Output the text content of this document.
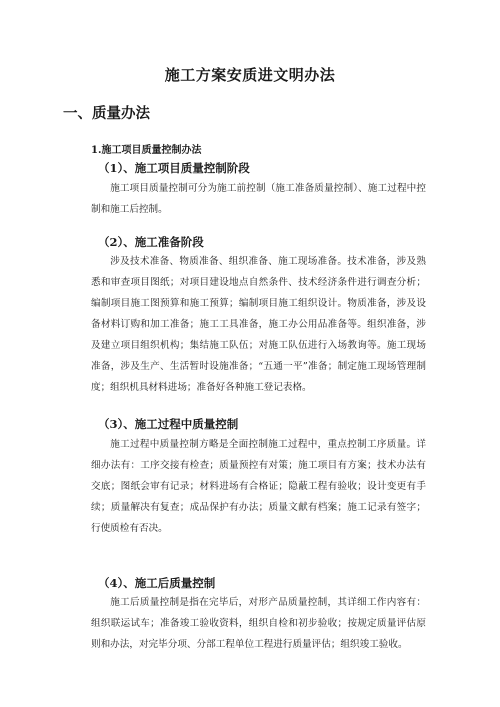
施工方案安质进文明办法
一、质量办法
1.施工项目质量控制办法
（1）、施工项目质量控制阶段
施工项目质量控制可分为施工前控制（施工准备质量控制）、施工过程中控制和施工后控制。
（2）、施工准备阶段
涉及技术准备、物质准备、组织准备、施工现场准备。技术准备，涉及熟悉和审查项目图纸；对项目建设地点自然条件、技术经济条件进行调查分析；编制项目施工图预算和施工预算；编制项目施工组织设计。物质准备，涉及设备材料订购和加工准备；施工工具准备，施工办公用品准备等。组织准备，涉及建立项目组织机构；集结施工队伍；对施工队伍进行入场教询等。施工现场准备，涉及生产、生活暂时设施准备；“五通一平”准备；制定施工现场管理制度；组织机具材料进场；准备好各种施工登记表格。
（3）、施工过程中质量控制
施工过程中质量控制方略是全面控制施工过程中，重点控制工序质量。详细办法有：工序交接有检查；质量预控有对策；施工项目有方案；技术办法有交底；图纸会审有记录；材料进场有合格证；隐蔽工程有验收；设计变更有手续；质量解决有复查；成品保护有办法；质量文献有档案；施工记录有签字；行使质检有否决。
（4）、施工后质量控制
施工后质量控制是指在完毕后，对形产品质量控制，其详细工作内容有：组织联运试车；准备竣工验收资料，组织自检和初步验收；按规定质量评估原则和办法，对完毕分项、分部工程单位工程进行质量评估；组织竣工验收。
